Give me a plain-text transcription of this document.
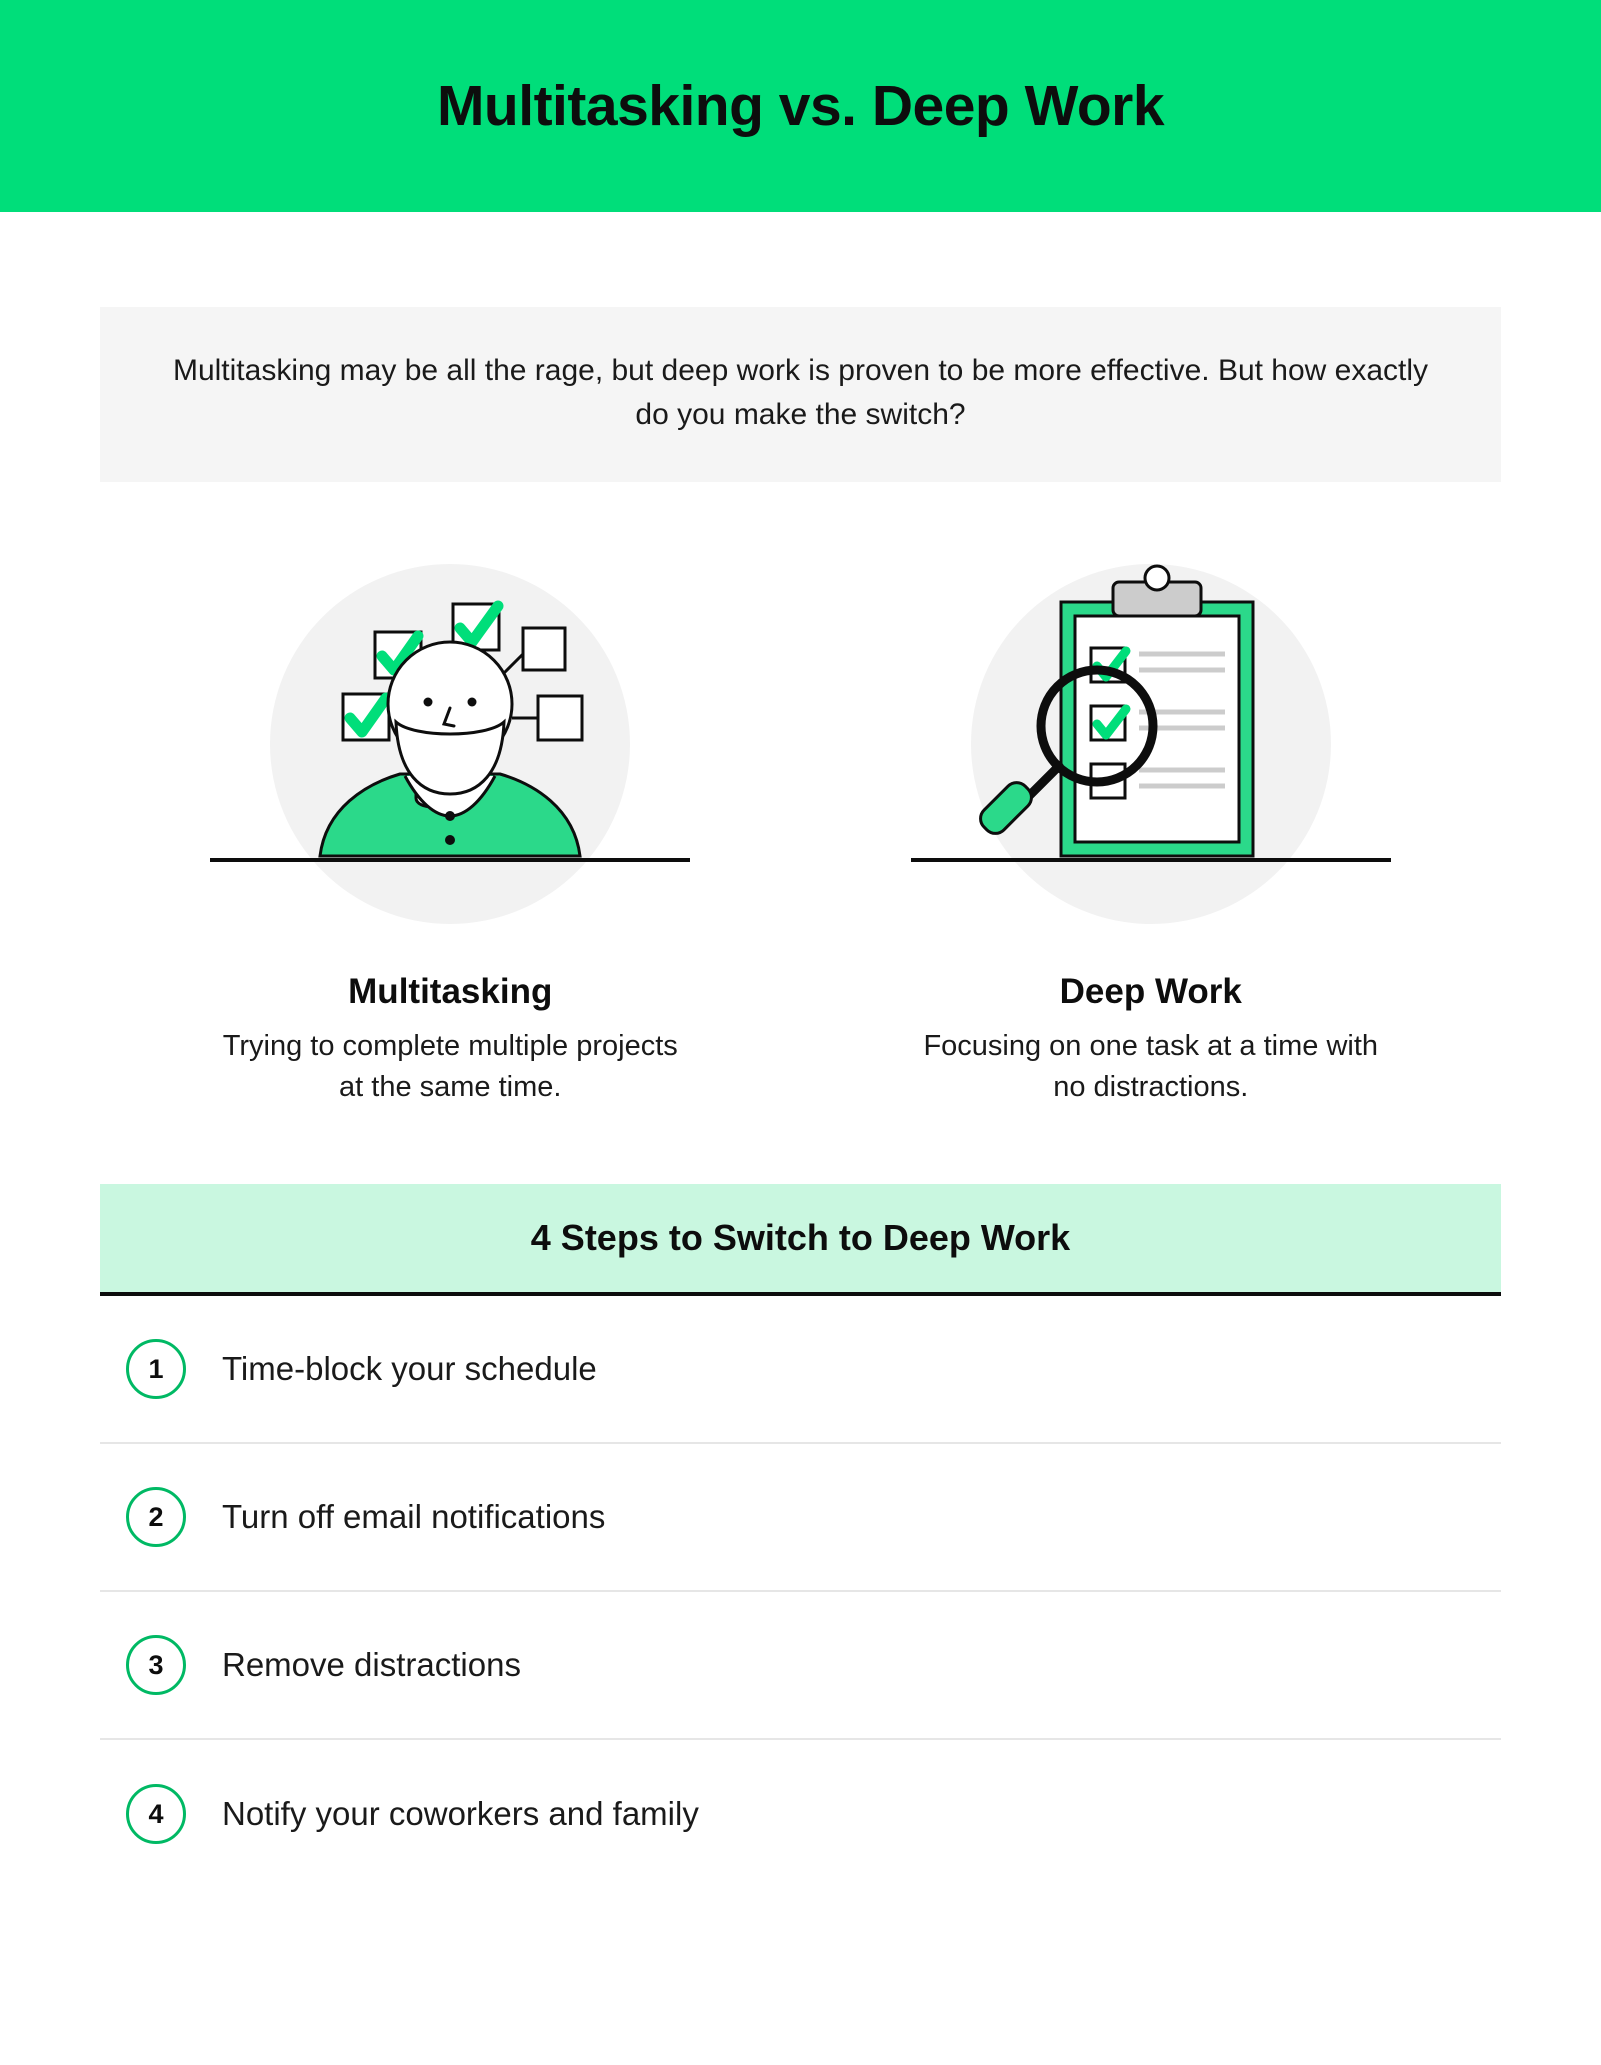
Multitasking vs. Deep Work
Multitasking may be all the rage, but deep work is proven to be more effective. But how exactly do you make the switch?
Multitasking
Trying to complete multiple projects at the same time.
Deep Work
Focusing on one task at a time with no distractions.
4 Steps to Switch to Deep Work
1	Time-block your schedule
2	Turn off email notifications
3	Remove distractions
4	Notify your coworkers and family
